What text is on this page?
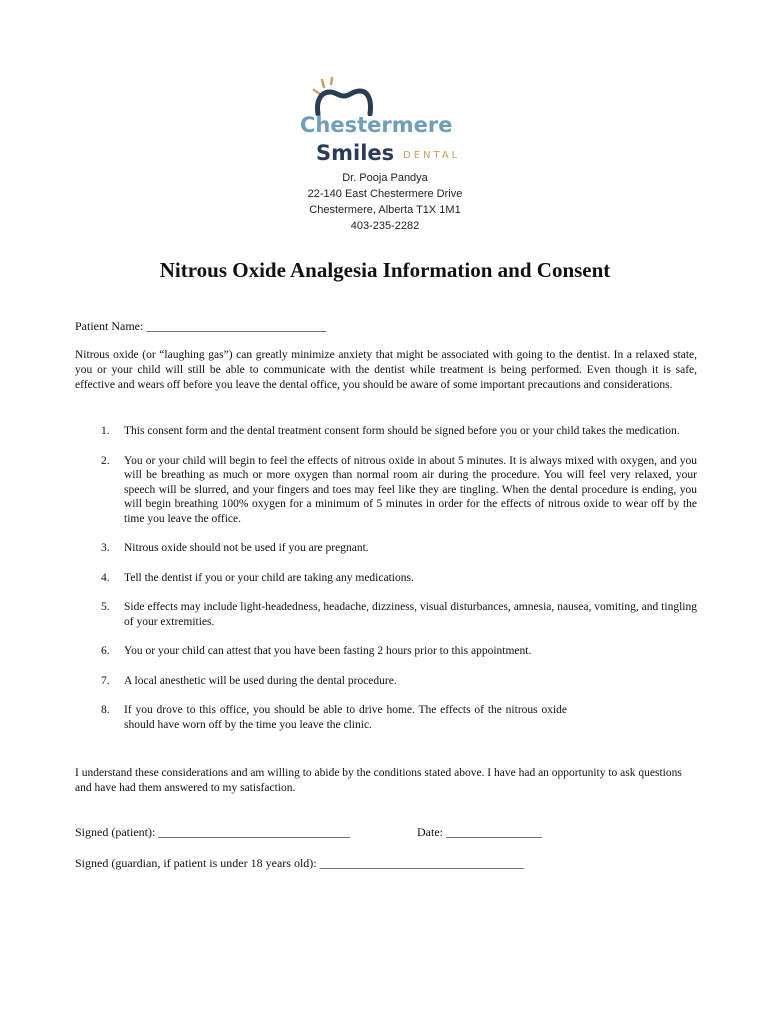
Chestermere
Smiles DENTAL
Dr. Pooja Pandya
22-140 East Chestermere Drive
Chestermere, Alberta T1X 1M1
403-235-2282
Nitrous Oxide Analgesia Information and Consent
Patient Name: ______________________________

Nitrous oxide (or “laughing gas”) can greatly minimize anxiety that might be associated with going to the dentist. In a relaxed state, you or your child will still be able to communicate with the dentist while treatment is being performed. Even though it is safe, effective and wears off before you leave the dental office, you should be aware of some important precautions and considerations.

1. This consent form and the dental treatment consent form should be signed before you or your child takes the medication.
2. You or your child will begin to feel the effects of nitrous oxide in about 5 minutes. It is always mixed with oxygen, and you will be breathing as much or more oxygen than normal room air during the procedure. You will feel very relaxed, your speech will be slurred, and your fingers and toes may feel like they are tingling. When the dental procedure is ending, you will begin breathing 100% oxygen for a minimum of 5 minutes in order for the effects of nitrous oxide to wear off by the time you leave the office.
3. Nitrous oxide should not be used if you are pregnant.
4. Tell the dentist if you or your child are taking any medications.
5. Side effects may include light-headedness, headache, dizziness, visual disturbances, amnesia, nausea, vomiting, and tingling of your extremities.
6. You or your child can attest that you have been fasting 2 hours prior to this appointment.
7. A local anesthetic will be used during the dental procedure.
8. If you drove to this office, you should be able to drive home. The effects of the nitrous oxide should have worn off by the time you leave the clinic.

I understand these considerations and am willing to abide by the conditions stated above. I have had an opportunity to ask questions and have had them answered to my satisfaction.

Signed (patient): ________________________________	Date: ________________
Signed (guardian, if patient is under 18 years old): __________________________________
